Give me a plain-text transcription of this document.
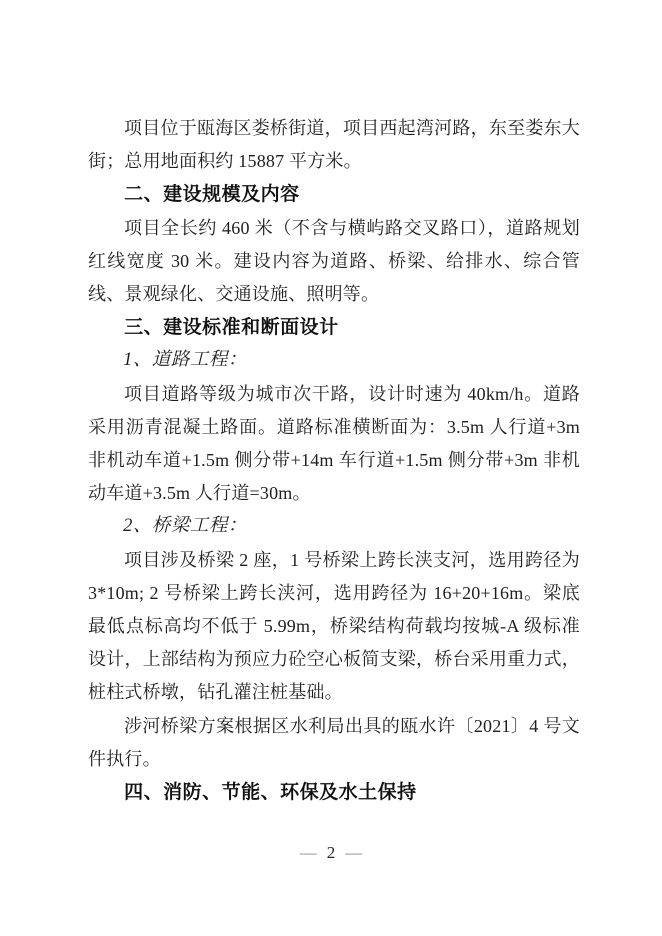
项目位于瓯海区娄桥街道，项目西起湾河路，东至娄东大街；总用地面积约 15887 平方米。

二、建设规模及内容

项目全长约 460 米（不含与横屿路交叉路口），道路规划红线宽度 30 米。建设内容为道路、桥梁、给排水、综合管线、景观绿化、交通设施、照明等。

三、建设标准和断面设计

1、道路工程：

项目道路等级为城市次干路，设计时速为 40km/h。道路采用沥青混凝土路面。道路标准横断面为：3.5m 人行道+3m 非机动车道+1.5m 侧分带+14m 车行道+1.5m 侧分带+3m 非机动车道+3.5m 人行道=30m。

2、桥梁工程：

项目涉及桥梁 2 座，1 号桥梁上跨长浃支河，选用跨径为 3*10m; 2 号桥梁上跨长浃河，选用跨径为 16+20+16m。梁底最低点标高均不低于 5.99m，桥梁结构荷载均按城-A 级标准设计，上部结构为预应力砼空心板简支梁，桥台采用重力式，桩柱式桥墩，钻孔灌注桩基础。

涉河桥梁方案根据区水利局出具的瓯水许〔2021〕4 号文件执行。

四、消防、节能、环保及水土保持

— 2 —
